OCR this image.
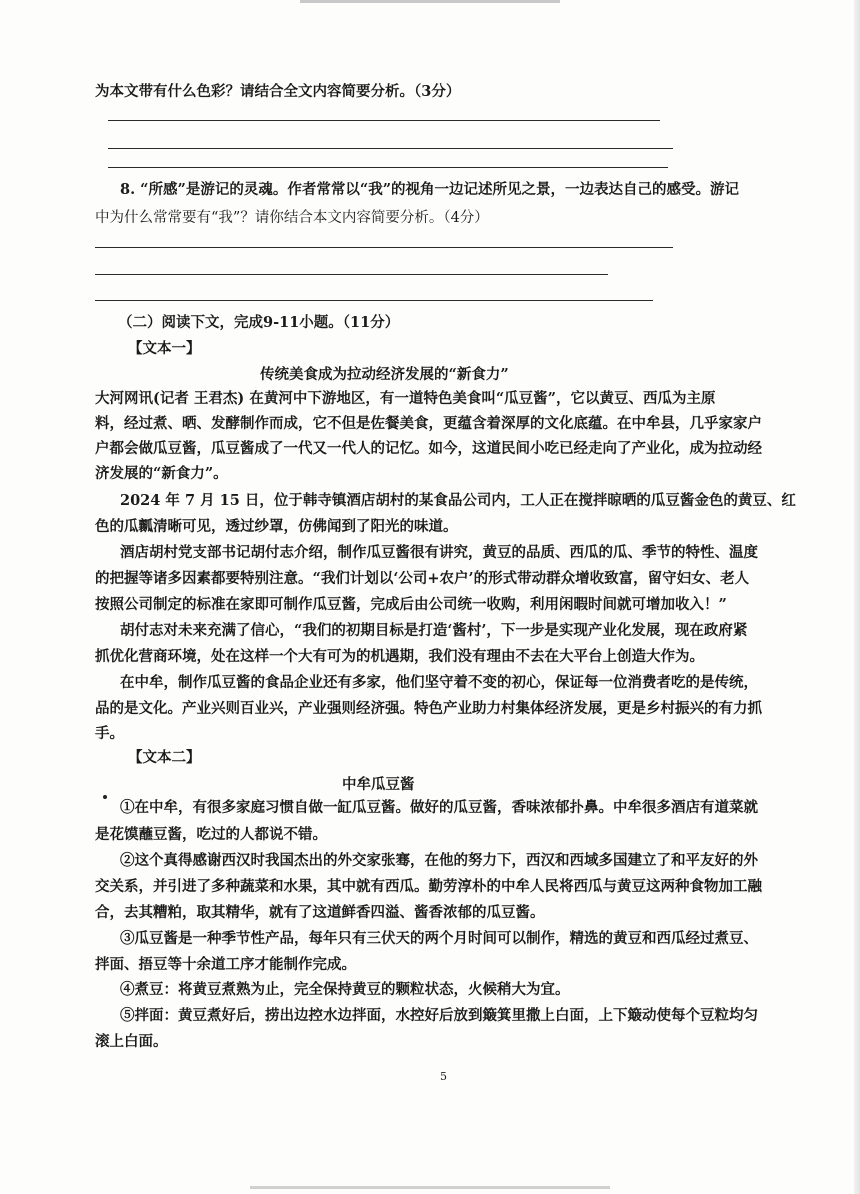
为本文带有什么色彩？请结合全文内容简要分析。（3分）
8. “所感”是游记的灵魂。作者常常以“我”的视角一边记述所见之景，一边表达自己的感受。游记
中为什么常常要有“我”？请你结合本文内容简要分析。（4分）
（二）阅读下文，完成9-11小题。（11分）
【文本一】
传统美食成为拉动经济发展的“新食力”
大河网讯(记者 王君杰) 在黄河中下游地区，有一道特色美食叫“瓜豆酱”，它以黄豆、西瓜为主原
料，经过煮、晒、发酵制作而成，它不但是佐餐美食，更蕴含着深厚的文化底蕴。在中牟县，几乎家家户
户都会做瓜豆酱，瓜豆酱成了一代又一代人的记忆。如今，这道民间小吃已经走向了产业化，成为拉动经
济发展的“新食力”。
2024 年 7 月 15 日，位于韩寺镇酒店胡村的某食品公司内，工人正在搅拌晾晒的瓜豆酱金色的黄豆、红
色的瓜瓤清晰可见，透过纱罩，仿佛闻到了阳光的味道。
酒店胡村党支部书记胡付志介绍，制作瓜豆酱很有讲究，黄豆的品质、西瓜的瓜、季节的特性、温度
的把握等诸多因素都要特别注意。“我们计划以‘公司+农户’的形式带动群众增收致富，留守妇女、老人
按照公司制定的标准在家即可制作瓜豆酱，完成后由公司统一收购，利用闲暇时间就可增加收入！”
胡付志对未来充满了信心，“我们的初期目标是打造‘酱村’，下一步是实现产业化发展，现在政府紧
抓优化营商环境，处在这样一个大有可为的机遇期，我们没有理由不去在大平台上创造大作为。
在中牟，制作瓜豆酱的食品企业还有多家，他们坚守着不变的初心，保证每一位消费者吃的是传统，
品的是文化。产业兴则百业兴，产业强则经济强。特色产业助力村集体经济发展，更是乡村振兴的有力抓
手。
【文本二】
中牟瓜豆酱
①在中牟，有很多家庭习惯自做一缸瓜豆酱。做好的瓜豆酱，香味浓郁扑鼻。中牟很多酒店有道菜就
是花馍蘸豆酱，吃过的人都说不错。
②这个真得感谢西汉时我国杰出的外交家张骞，在他的努力下，西汉和西域多国建立了和平友好的外
交关系，并引进了多种蔬菜和水果，其中就有西瓜。勤劳淳朴的中牟人民将西瓜与黄豆这两种食物加工融
合，去其糟粕，取其精华，就有了这道鲜香四溢、酱香浓郁的瓜豆酱。
③瓜豆酱是一种季节性产品，每年只有三伏天的两个月时间可以制作，精选的黄豆和西瓜经过煮豆、
拌面、捂豆等十余道工序才能制作完成。
④煮豆：将黄豆煮熟为止，完全保持黄豆的颗粒状态，火候稍大为宜。
⑤拌面：黄豆煮好后，捞出边控水边拌面，水控好后放到簸箕里撒上白面，上下簸动使每个豆粒均匀
滚上白面。
5
